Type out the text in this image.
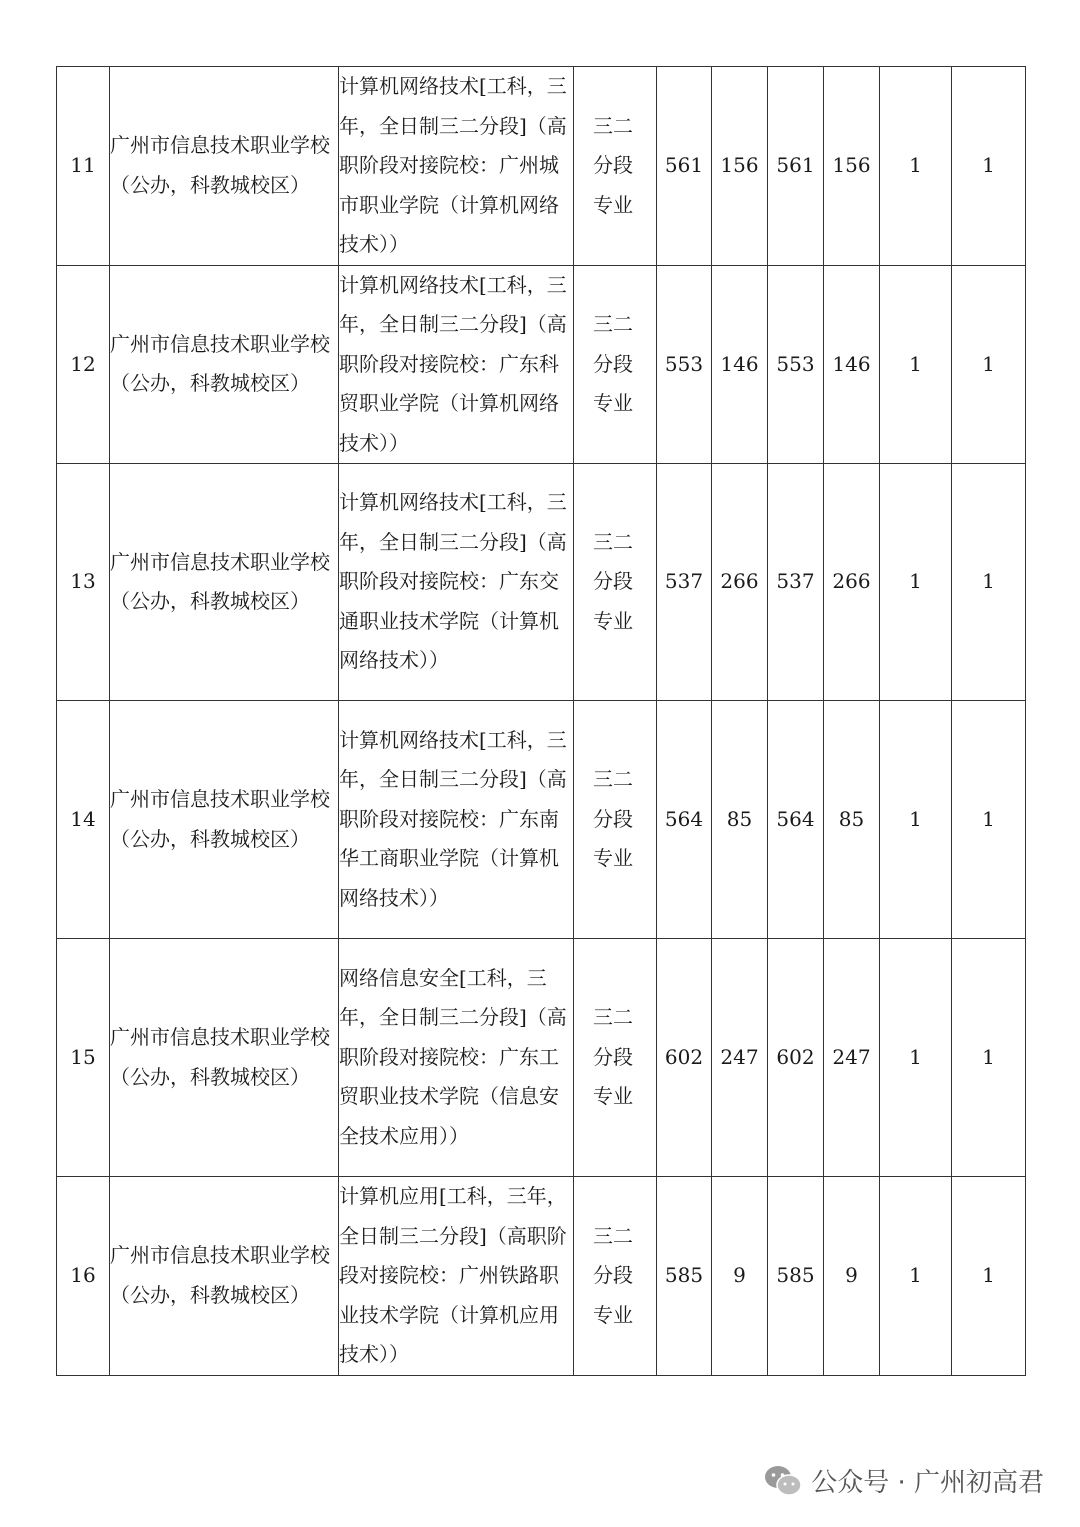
11	广州市信息技术职业学校（公办，科教城校区）	计算机网络技术[工科，三年，全日制三二分段]（高职阶段对接院校：广州城市职业学院（计算机网络技术））	三二分段专业	561	156	561	156	1	1
12	广州市信息技术职业学校（公办，科教城校区）	计算机网络技术[工科，三年，全日制三二分段]（高职阶段对接院校：广东科贸职业学院（计算机网络技术））	三二分段专业	553	146	553	146	1	1
13	广州市信息技术职业学校（公办，科教城校区）	计算机网络技术[工科，三年，全日制三二分段]（高职阶段对接院校：广东交通职业技术学院（计算机网络技术））	三二分段专业	537	266	537	266	1	1
14	广州市信息技术职业学校（公办，科教城校区）	计算机网络技术[工科，三年，全日制三二分段]（高职阶段对接院校：广东南华工商职业学院（计算机网络技术））	三二分段专业	564	85	564	85	1	1
15	广州市信息技术职业学校（公办，科教城校区）	网络信息安全[工科，三年，全日制三二分段]（高职阶段对接院校：广东工贸职业技术学院（信息安全技术应用））	三二分段专业	602	247	602	247	1	1
16	广州市信息技术职业学校（公办，科教城校区）	计算机应用[工科，三年，全日制三二分段]（高职阶段对接院校：广州铁路职业技术学院（计算机应用技术））	三二分段专业	585	9	585	9	1	1
公众号 · 广州初高君
